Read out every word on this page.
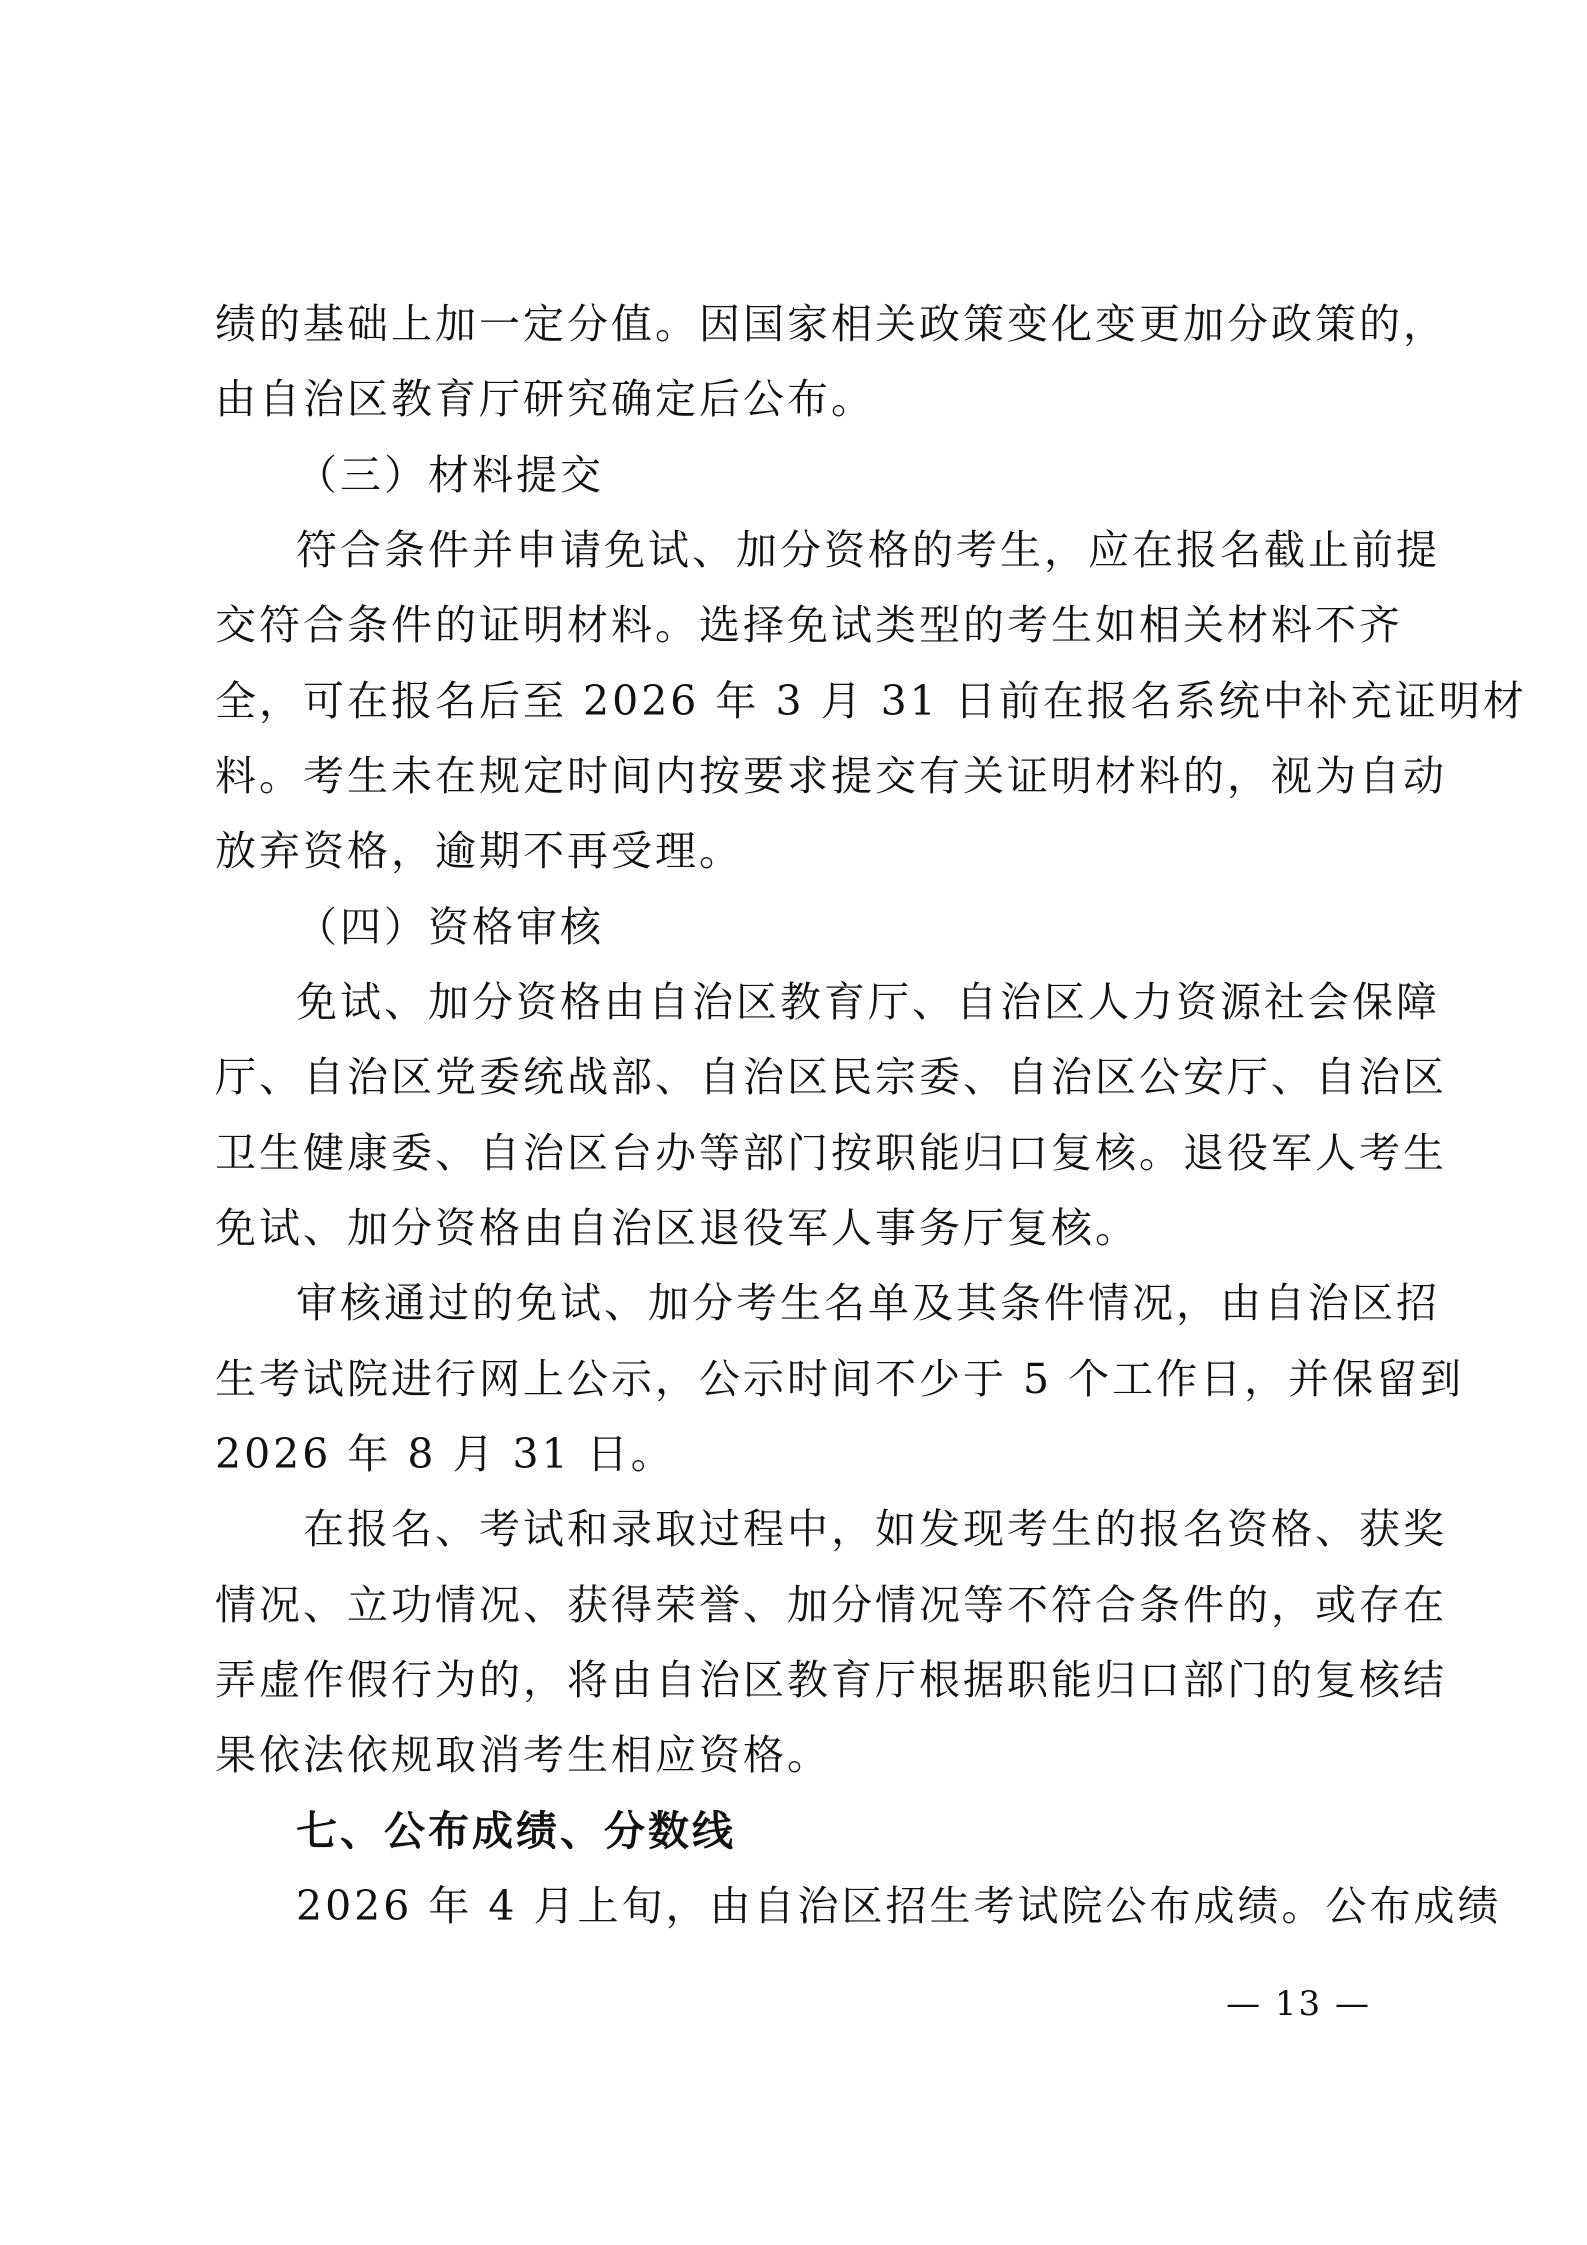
绩的基础上加一定分值。因国家相关政策变化变更加分政策的，
由自治区教育厅研究确定后公布。
（三）材料提交
符合条件并申请免试、加分资格的考生，应在报名截止前提
交符合条件的证明材料。选择免试类型的考生如相关材料不齐
全，可在报名后至 2026 年 3 月 31 日前在报名系统中补充证明材
料。考生未在规定时间内按要求提交有关证明材料的，视为自动
放弃资格，逾期不再受理。
（四）资格审核
免试、加分资格由自治区教育厅、自治区人力资源社会保障
厅、自治区党委统战部、自治区民宗委、自治区公安厅、自治区
卫生健康委、自治区台办等部门按职能归口复核。退役军人考生
免试、加分资格由自治区退役军人事务厅复核。
审核通过的免试、加分考生名单及其条件情况，由自治区招
生考试院进行网上公示，公示时间不少于 5 个工作日，并保留到
2026 年 8 月 31 日。
在报名、考试和录取过程中，如发现考生的报名资格、获奖
情况、立功情况、获得荣誉、加分情况等不符合条件的，或存在
弄虚作假行为的，将由自治区教育厅根据职能归口部门的复核结
果依法依规取消考生相应资格。
七、公布成绩、分数线
2026 年 4 月上旬，由自治区招生考试院公布成绩。公布成绩
— 13 —
